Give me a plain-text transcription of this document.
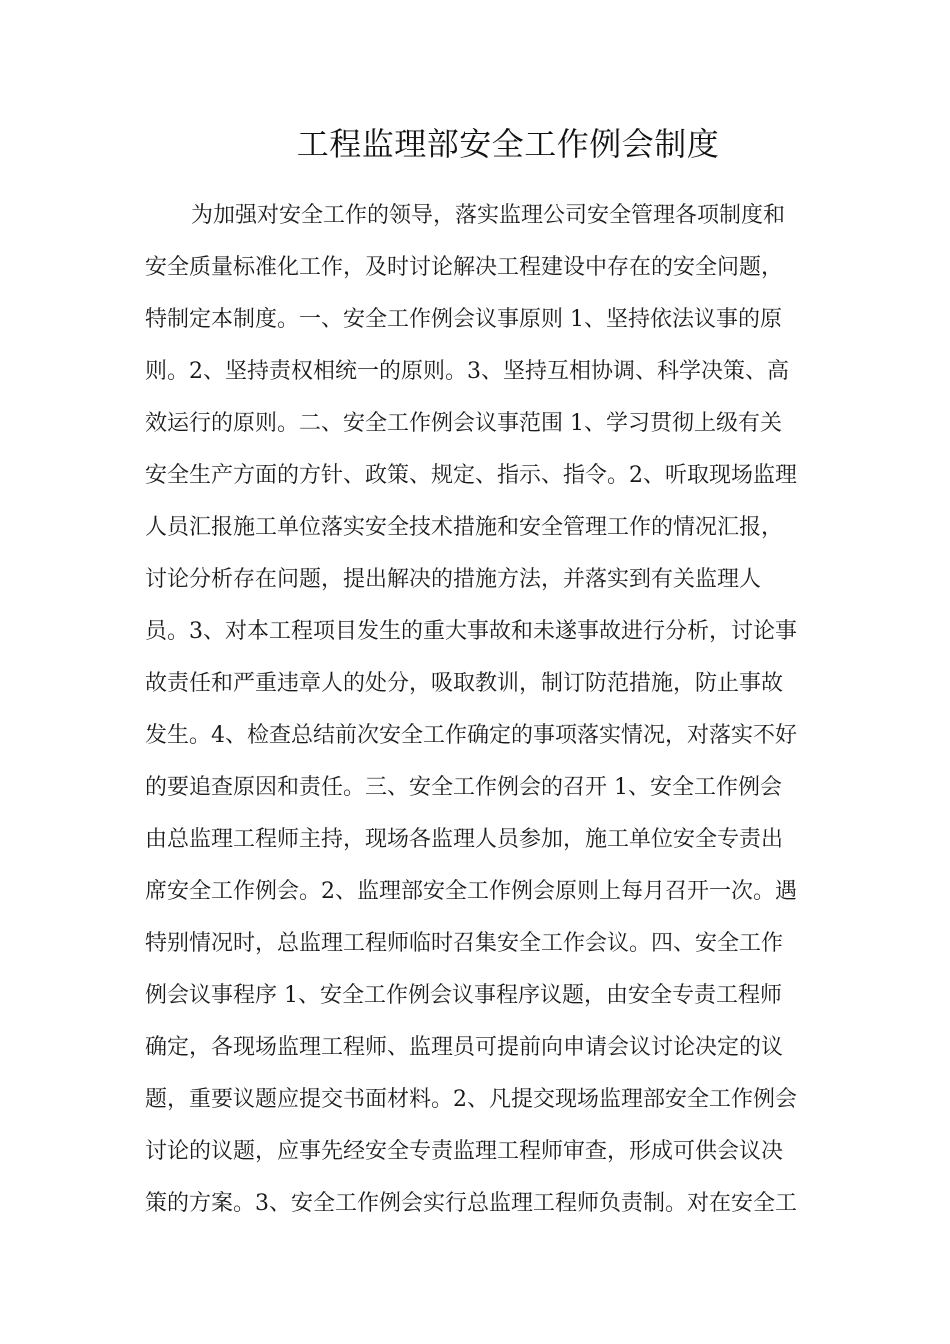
工程监理部安全工作例会制度
为加强对安全工作的领导，落实监理公司安全管理各项制度和
安全质量标准化工作，及时讨论解决工程建设中存在的安全问题，
特制定本制度。一、安全工作例会议事原则 1、坚持依法议事的原
则。2、坚持责权相统一的原则。3、坚持互相协调、科学决策、高
效运行的原则。二、安全工作例会议事范围 1、学习贯彻上级有关
安全生产方面的方针、政策、规定、指示、指令。2、听取现场监理
人员汇报施工单位落实安全技术措施和安全管理工作的情况汇报，
讨论分析存在问题，提出解决的措施方法，并落实到有关监理人
员。3、对本工程项目发生的重大事故和未遂事故进行分析，讨论事
故责任和严重违章人的处分，吸取教训，制订防范措施，防止事故
发生。4、检查总结前次安全工作确定的事项落实情况，对落实不好
的要追查原因和责任。三、安全工作例会的召开 1、安全工作例会
由总监理工程师主持，现场各监理人员参加，施工单位安全专责出
席安全工作例会。2、监理部安全工作例会原则上每月召开一次。遇
特别情况时，总监理工程师临时召集安全工作会议。四、安全工作
例会议事程序 1、安全工作例会议事程序议题，由安全专责工程师
确定，各现场监理工程师、监理员可提前向申请会议讨论决定的议
题，重要议题应提交书面材料。2、凡提交现场监理部安全工作例会
讨论的议题，应事先经安全专责监理工程师审查，形成可供会议决
策的方案。3、安全工作例会实行总监理工程师负责制。对在安全工
